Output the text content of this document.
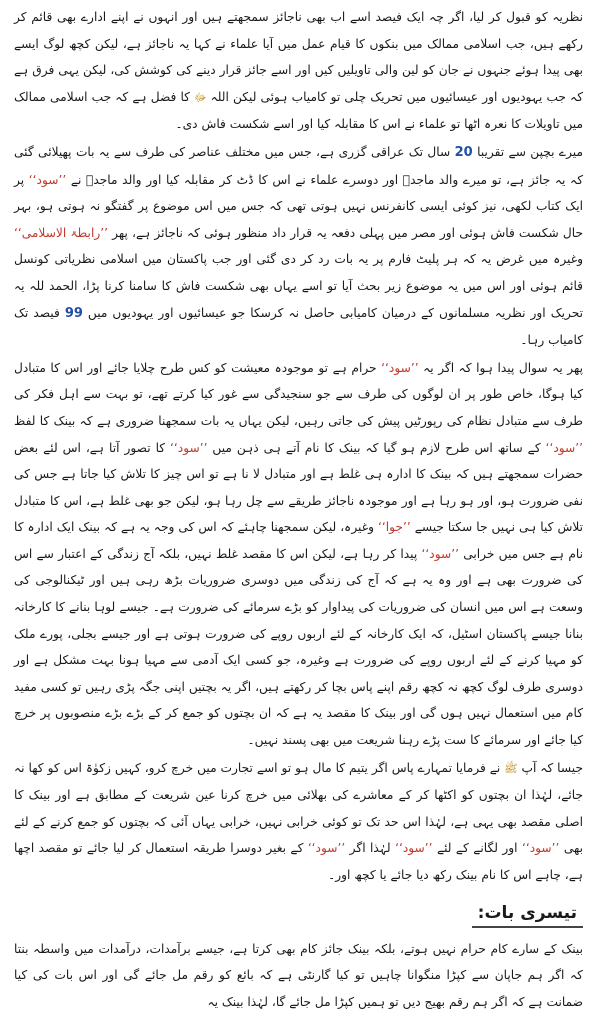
نظریہ کو قبول کر لیا، اگر چہ ایک فیصد اسے اب بھی ناجائز سمجھتے ہیں اور انہوں نے اپنے ادارے بھی قائم کر رکھے ہیں، جب اسلامی ممالک میں بنکوں کا قیام عمل میں آیا علماء نے کہا یہ ناجائز ہے، لیکن کچھ لوگ ایسے بھی پیدا ہوئے جنہوں نے جان کو لین والی تاویلیں کیں اور اسے جائز قرار دینے کی کوشش کی، لیکن یہی فرق ہے کہ جب یہودیوں اور عیسائیوں میں تحریک چلی تو کامیاب ہوئی لیکن اللہ ﷻ کا فضل ہے کہ جب اسلامی ممالک میں تاویلات کا نعرہ اٹھا تو علماء نے اس کا مقابلہ کیا اور اسے شکست فاش دی۔

میرے بچپن سے تقریبا 20 سال تک عراقی گزری ہے، جس میں مختلف عناصر کی طرف سے یہ بات پھیلائی گئی کہ یہ جائز ہے، تو میرے والد ماجدؒ اور دوسرے علماء نے اس کا ڈٹ کر مقابلہ کیا اور والد ماجدؒ نے ’’سود‘‘ پر ایک کتاب لکھی، نیز کوئی ایسی کانفرنس نہیں ہوتی تھی کہ جس میں اس موضوع پر گفتگو نہ ہوتی ہو، بہر حال شکست فاش ہوئی اور مصر میں پہلی دفعہ یہ قرار داد منظور ہوئی کہ ناجائز ہے، پھر ’’رابطۃ الاسلامی‘‘ وغیرہ میں غرض یہ کہ ہر پلیٹ فارم پر یہ بات رد کر دی گئی اور جب پاکستان میں اسلامی نظریاتی کونسل قائم ہوئی اور اس میں یہ موضوع زیر بحث آیا تو اسے یہاں بھی شکست فاش کا سامنا کرنا پڑا، الحمد للہ یہ تحریک اور نظریہ مسلمانوں کے درمیان کامیابی حاصل نہ کرسکا جو عیسائیوں اور یہودیوں میں 99 فیصد تک کامیاب رہا۔

پھر یہ سوال پیدا ہوا کہ اگر یہ ’’سود‘‘ حرام ہے تو موجودہ معیشت کو کس طرح چلایا جائے اور اس کا متبادل کیا ہوگا، خاص طور پر ان لوگوں کی طرف سے جو سنجیدگی سے غور کیا کرتے تھے، تو بہت سے اہل فکر کی طرف سے متبادل نظام کی رپورٹیں پیش کی جاتی رہیں، لیکن یہاں یہ بات سمجھنا ضروری ہے کہ بینک کا لفظ ’’سود‘‘ کے ساتھ اس طرح لازم ہو گیا کہ بینک کا نام آتے ہی ذہن میں ’’سود‘‘ کا تصور آتا ہے، اس لئے بعض حضرات سمجھتے ہیں کہ بینک کا ادارہ ہی غلط ہے اور متبادل لا نا ہے تو اس چیز کا تلاش کیا جاتا ہے جس کی نفی ضرورت ہو، اور ہو رہا ہے اور موجودہ ناجائز طریقے سے چل رہا ہو، لیکن جو بھی غلط ہے، اس کا متبادل تلاش کیا ہی نہیں جا سکتا جیسے ’’جوا‘‘ وغیرہ، لیکن سمجھنا چاہئے کہ اس کی وجہ یہ ہے کہ بینک ایک ادارہ کا نام ہے جس میں خرابی ’’سود‘‘ پیدا کر رہا ہے، لیکن اس کا مقصد غلط نہیں، بلکہ آج زندگی کے اعتبار سے اس کی ضرورت بھی ہے اور وہ یہ ہے کہ آج کی زندگی میں دوسری ضروریات بڑھ رہی ہیں اور ٹیکنالوجی کی وسعت ہے اس میں انسان کی ضروریات کی پیداوار کو بڑے سرمائے کی ضرورت ہے۔ جیسے لوہا بنانے کا کارخانہ بنانا جیسے پاکستان اسٹیل، کہ ایک کارخانہ کے لئے اربوں روپے کی ضرورت ہوتی ہے اور جیسے بجلی، پورے ملک کو مہیا کرنے کے لئے اربوں روپے کی ضرورت ہے وغیرہ، جو کسی ایک آدمی سے مہیا ہونا بہت مشکل ہے اور دوسری طرف لوگ کچھ نہ کچھ رقم اپنے پاس بچا کر رکھتے ہیں، اگر یہ بچتیں اپنی جگہ پڑی رہیں تو کسی مفید کام میں استعمال نہیں ہوں گی اور بینک کا مقصد یہ ہے کہ ان بچتوں کو جمع کر کے بڑے بڑے منصوبوں پر خرچ کیا جائے اور سرمائے کا ست پڑے رہنا شریعت میں بھی پسند نہیں۔

جیسا کہ آپ ﷺ نے فرمایا تمہارے پاس اگر یتیم کا مال ہو تو اسے تجارت میں خرچ کرو، کہیں زکوٰۃ اس کو کھا نہ جائے، لہٰذا ان بچتوں کو اکٹھا کر کے معاشرے کی بھلائی میں خرچ کرنا عین شریعت کے مطابق ہے اور بینک کا اصلی مقصد بھی یہی ہے، لہٰذا اس حد تک تو کوئی خرابی نہیں، خرابی یہاں آئی کہ بچتوں کو جمع کرنے کے لئے بھی ’’سود‘‘ اور لگانے کے لئے ’’سود‘‘ لہٰذا اگر ’’سود‘‘ کے بغیر دوسرا طریقہ استعمال کر لیا جائے تو مقصد اچھا ہے، چاہے اس کا نام بینک رکھ دیا جائے یا کچھ اور۔

تیسری بات:

بینک کے سارے کام حرام نہیں ہوتے، بلکہ بینک جائز کام بھی کرتا ہے، جیسے برآمدات، درآمدات میں واسطہ بنتا کہ اگر ہم جاپان سے کپڑا منگوانا چاہیں تو کیا گارنٹی ہے کہ بائع کو رقم مل جائے گی اور اس بات کی کیا ضمانت ہے کہ اگر ہم رقم بھیج دیں تو ہمیں کپڑا مل جائے گا، لہٰذا بینک یہ
